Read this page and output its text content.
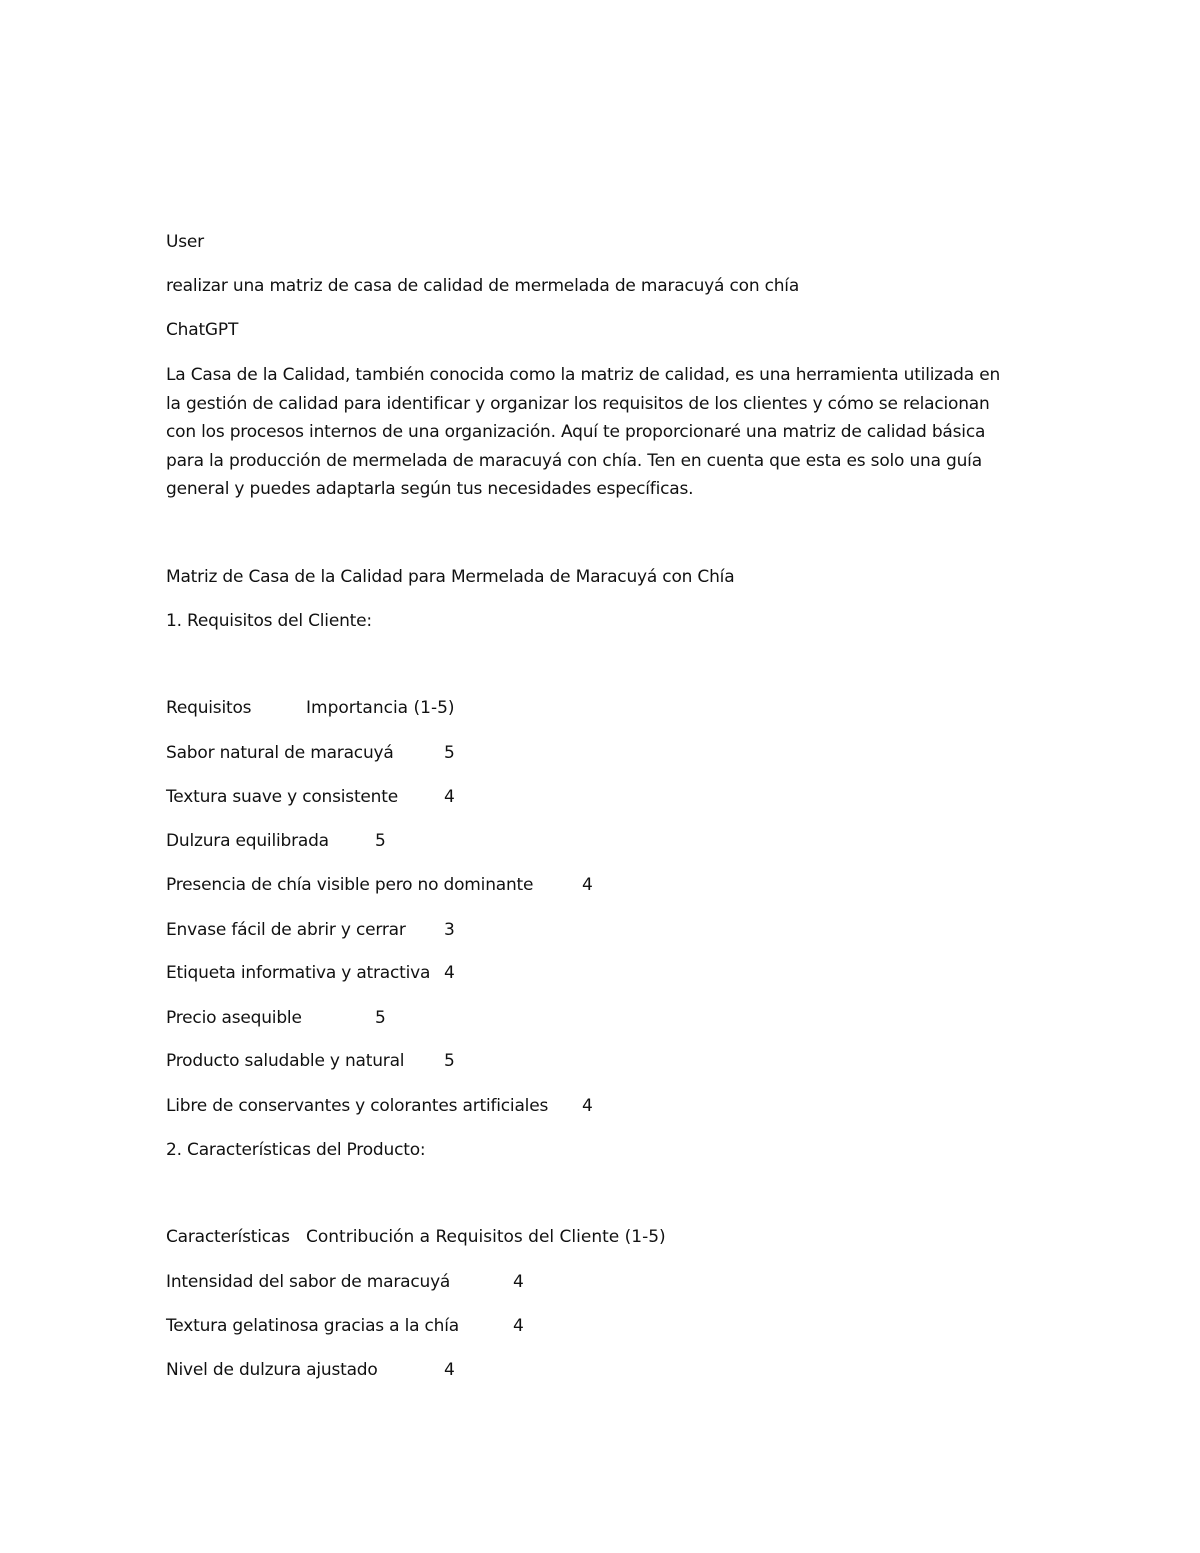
User
realizar una matriz de casa de calidad de mermelada de maracuyá con chía
ChatGPT
La Casa de la Calidad, también conocida como la matriz de calidad, es una herramienta utilizada en
la gestión de calidad para identificar y organizar los requisitos de los clientes y cómo se relacionan
con los procesos internos de una organización. Aquí te proporcionaré una matriz de calidad básica
para la producción de mermelada de maracuyá con chía. Ten en cuenta que esta es solo una guía
general y puedes adaptarla según tus necesidades específicas.
Matriz de Casa de la Calidad para Mermelada de Maracuyá con Chía
1. Requisitos del Cliente:
Requisitos	Importancia (1-5)
Sabor natural de maracuyá	5
Textura suave y consistente	4
Dulzura equilibrada	5
Presencia de chía visible pero no dominante	4
Envase fácil de abrir y cerrar 3
Etiqueta informativa y atractiva 4
Precio asequible	5
Producto saludable y natural 5
Libre de conservantes y colorantes artificiales 4
2. Características del Producto:
Características Contribución a Requisitos del Cliente (1-5)
Intensidad del sabor de maracuyá	4
Textura gelatinosa gracias a la chía	4
Nivel de dulzura ajustado	4
